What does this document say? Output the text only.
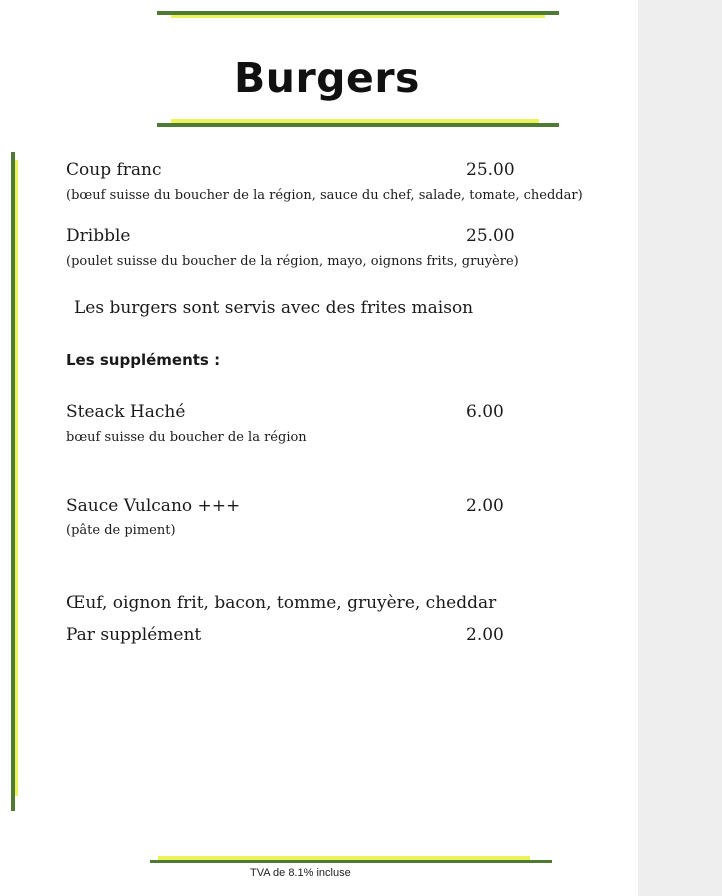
Burgers
Coup franc	25.00
(bœuf suisse du boucher de la région, sauce du chef, salade, tomate, cheddar)
Dribble	25.00
(poulet suisse du boucher de la région, mayo, oignons frits, gruyère)
Les burgers sont servis avec des frites maison
Les suppléments :
Steack Haché	6.00
bœuf suisse du boucher de la région
Sauce Vulcano +++	2.00
(pâte de piment)
Œuf, oignon frit, bacon, tomme, gruyère, cheddar
Par supplément	2.00
TVA de 8.1% incluse
